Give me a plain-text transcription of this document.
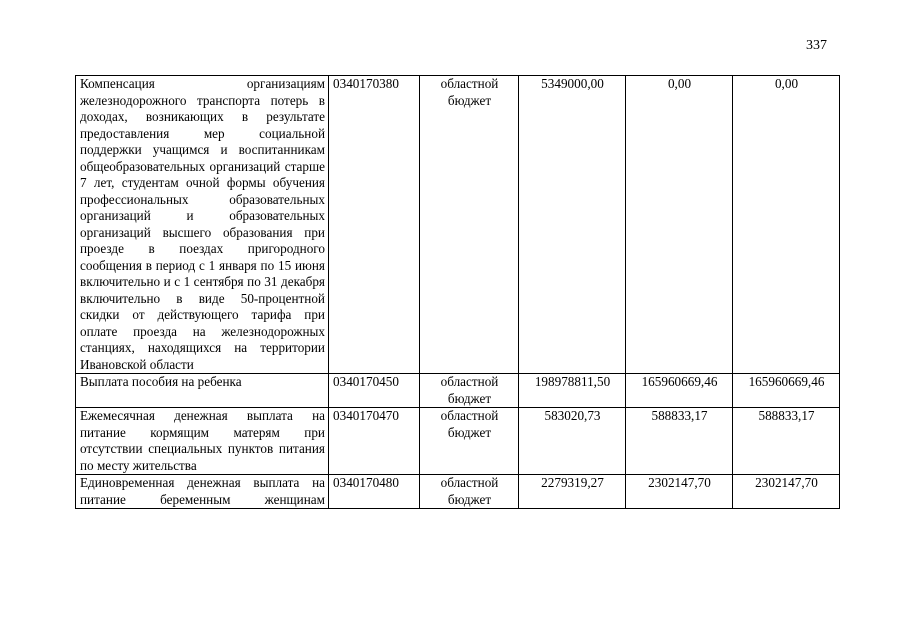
337
Компенсация организациям железнодорожного транспорта потерь в доходах, возникающих в результате предоставления мер социальной поддержки учащимся и воспитанникам общеобразовательных организаций старше 7 лет, студентам очной формы обучения профессиональных образовательных организаций и образовательных организаций высшего образования при проезде в поездах пригородного сообщения в период с 1 января по 15 июня включительно и с 1 сентября по 31 декабря включительно в виде 50-процентной скидки от действующего тарифа при оплате проезда на железнодорожных станциях, находящихся на территории Ивановской области	0340170380	областной бюджет	5349000,00	0,00	0,00
Выплата пособия на ребенка	0340170450	областной бюджет	198978811,50	165960669,46	165960669,46
Ежемесячная денежная выплата на питание кормящим матерям при отсутствии специальных пунктов питания по месту жительства	0340170470	областной бюджет	583020,73	588833,17	588833,17
Единовременная денежная выплата на питание беременным женщинам	0340170480	областной бюджет	2279319,27	2302147,70	2302147,70
